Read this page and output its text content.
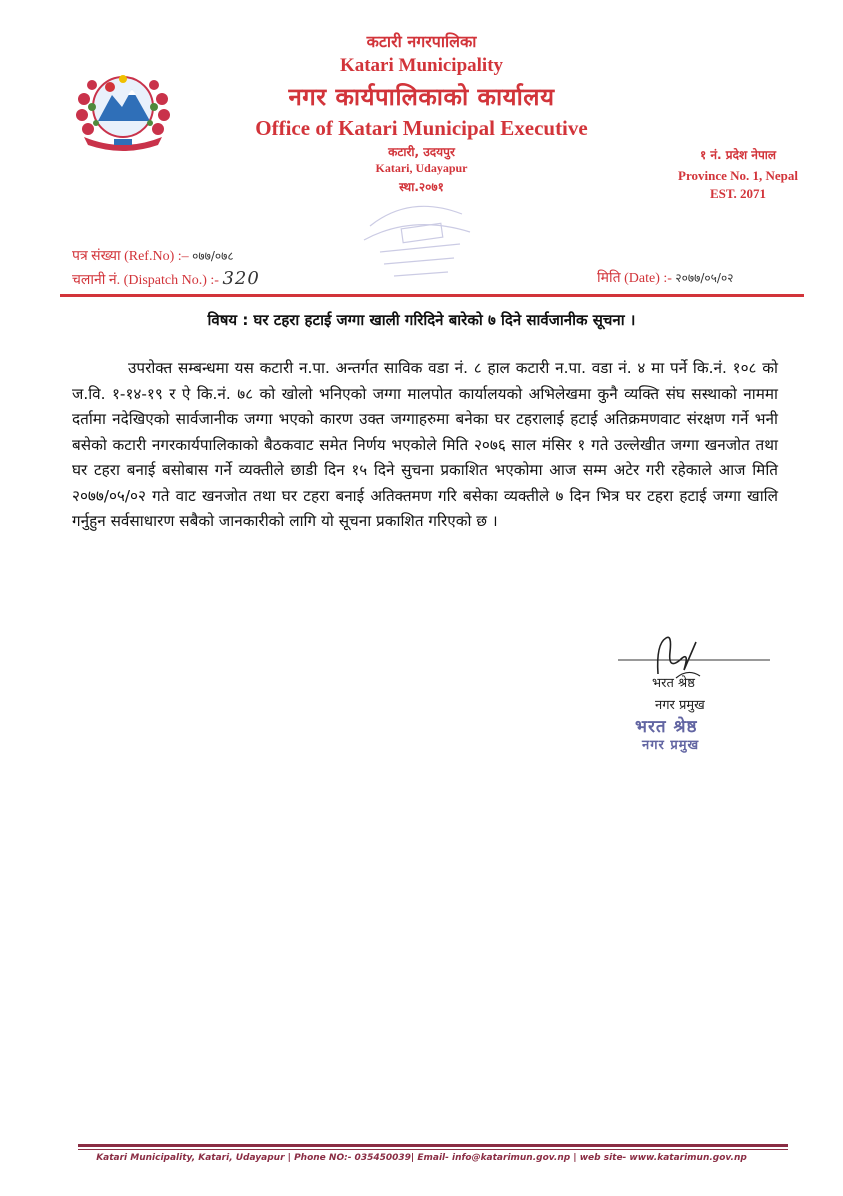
कटारी नगरपालिका

Katari Municipality

नगर कार्यपालिकाको कार्यालय

Office of Katari Municipal Executive

कटारी, उदयपुर

Katari, Udayapur

स्था.२०७१

१ नं. प्रदेश नेपाल
Province No. 1, Nepal
EST. 2071
पत्र संख्या (Ref.No) :– ०७७/०७८
चलानी नं. (Dispatch No.) :- 320	मिति (Date) :- २०७७/०५/०२

विषय : घर टहरा हटाई जग्गा खाली गरिदिने बारेको ७ दिने सार्वजानीक सूचना ।

उपरोक्त सम्बन्धमा यस कटारी न.पा. अन्तर्गत साविक वडा नं. ८ हाल कटारी न.पा. वडा नं. ४ मा पर्ने कि.नं. १०८ को ज.वि. १-१४-१९ र ऐ कि.नं. ७८ को खोलो भनिएको जग्गा मालपोत कार्यालयको अभिलेखमा कुनै व्यक्ति संघ सस्थाको नाममा दर्तामा नदेखिएको सार्वजानीक जग्गा भएको कारण उक्त जग्गाहरुमा बनेका घर टहरालाई हटाई अतिक्रमणवाट संरक्षण गर्ने भनी बसेको कटारी नगरकार्यपालिकाको बैठकवाट समेत निर्णय भएकोले मिति २०७६ साल मंसिर १ गते उल्लेखीत जग्गा खनजोत तथा घर टहरा बनाई बसोबास गर्ने व्यक्तीले छाडी दिन १५ दिने सुचना प्रकाशित भएकोमा आज सम्म अटेर गरी रहेकाले आज मिति २०७७/०५/०२ गते वाट खनजोत तथा घर टहरा बनाई अतिक्तमण गरि बसेका व्यक्तीले ७ दिन भित्र घर टहरा हटाई जग्गा खालि गर्नुहुन सर्वसाधारण सबैको जानकारीको लागि यो सूचना प्रकाशित गरिएको छ ।

भरत श्रेष्ठ
नगर प्रमुख
भरत श्रेष्ठ
नगर प्रमुख

Katari Municipality, Katari, Udayapur | Phone NO:- 035450039| Email- info@katarimun.gov.np | web site- www.katarimun.gov.np
